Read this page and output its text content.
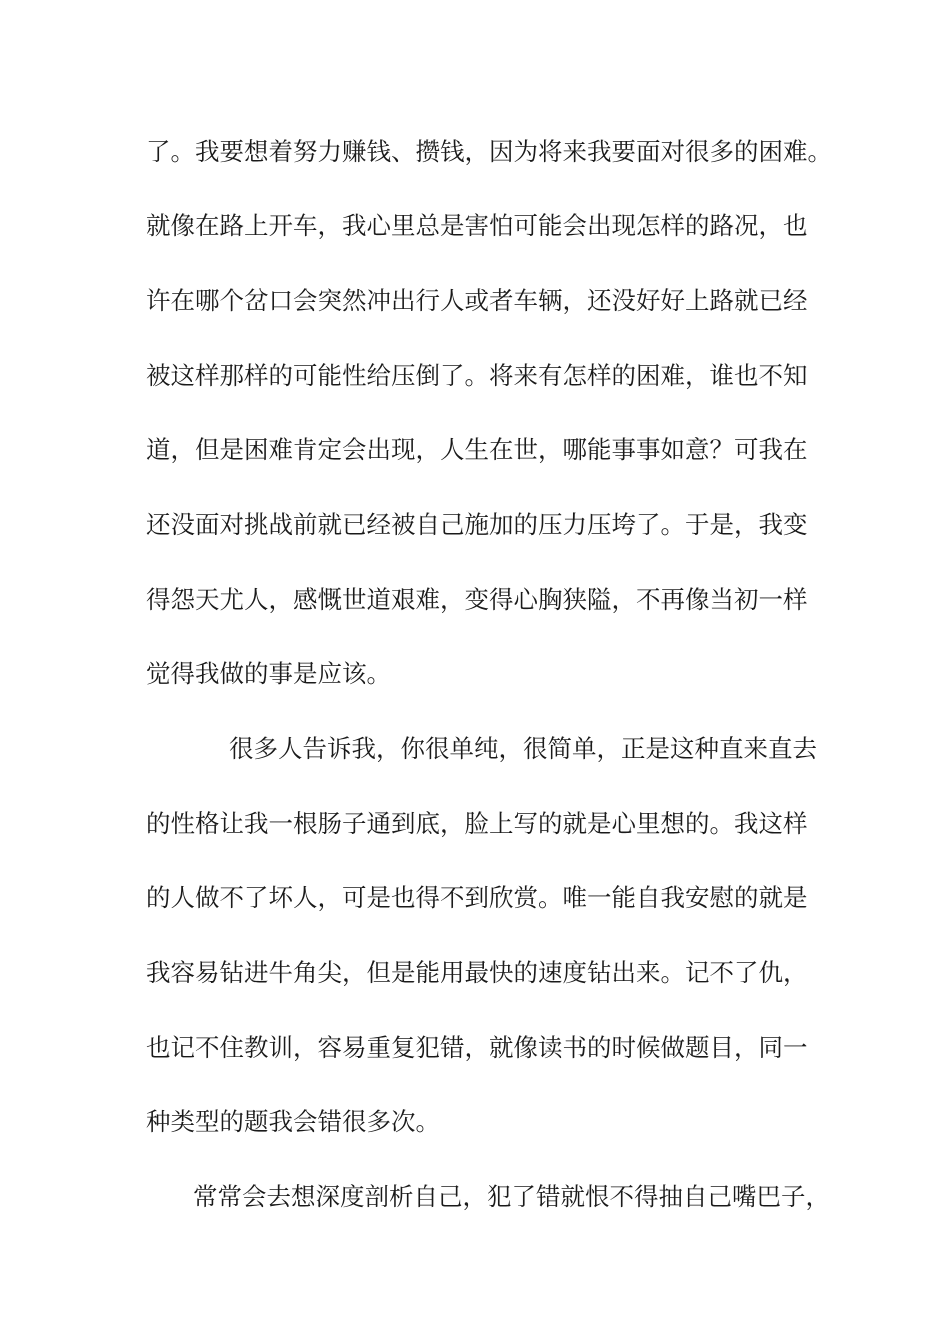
了。我要想着努力赚钱、攒钱，因为将来我要面对很多的困难。
就像在路上开车，我心里总是害怕可能会出现怎样的路况，也
许在哪个岔口会突然冲出行人或者车辆，还没好好上路就已经
被这样那样的可能性给压倒了。将来有怎样的困难，谁也不知
道，但是困难肯定会出现，人生在世，哪能事事如意？可我在
还没面对挑战前就已经被自己施加的压力压垮了。于是，我变
得怨天尤人，感慨世道艰难，变得心胸狭隘，不再像当初一样
觉得我做的事是应该。
很多人告诉我，你很单纯，很简单，正是这种直来直去
的性格让我一根肠子通到底，脸上写的就是心里想的。我这样
的人做不了坏人，可是也得不到欣赏。唯一能自我安慰的就是
我容易钻进牛角尖，但是能用最快的速度钻出来。记不了仇，
也记不住教训，容易重复犯错，就像读书的时候做题目，同一
种类型的题我会错很多次。
常常会去想深度剖析自己，犯了错就恨不得抽自己嘴巴子，
